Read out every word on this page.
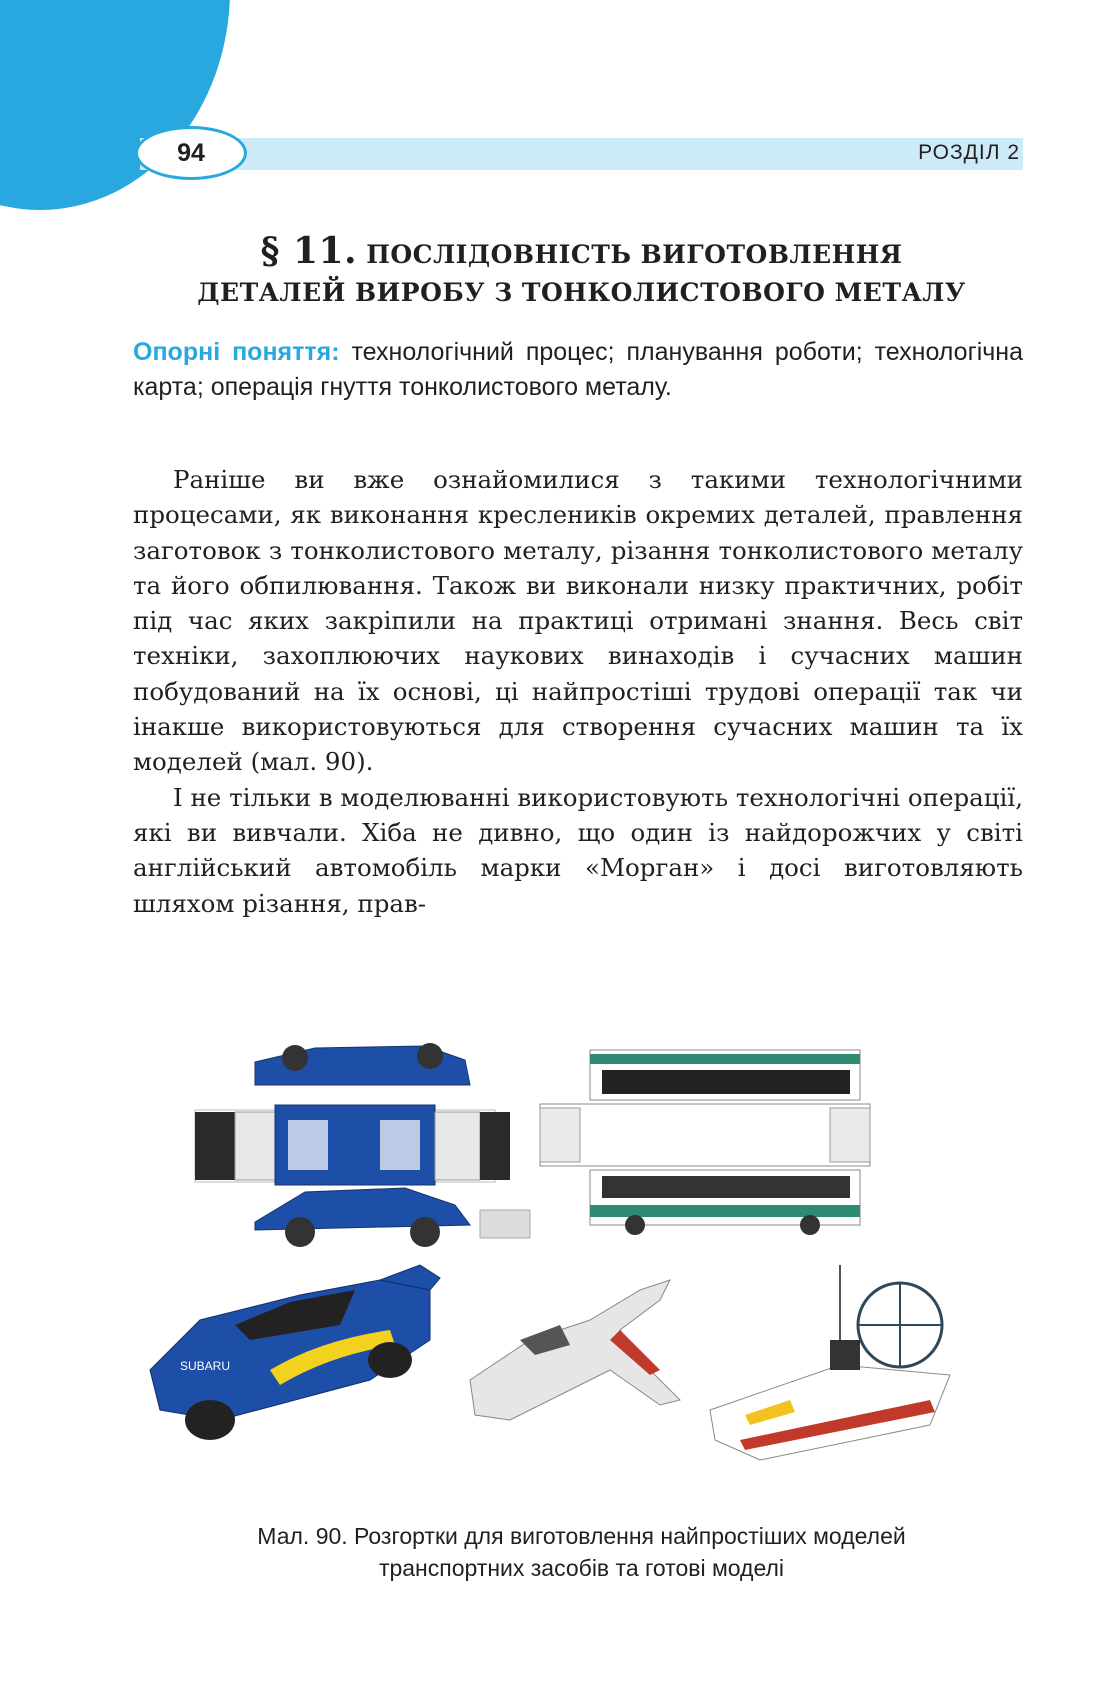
94	РОЗДІЛ 2
§ 11. ПОСЛІДОВНІСТЬ ВИГОТОВЛЕННЯ
ДЕТАЛЕЙ ВИРОБУ З ТОНКОЛИСТОВОГО МЕТАЛУ
Опорні поняття: технологічний процес; планування роботи; технологічна карта; операція гнуття тонколистового металу.

Раніше ви вже ознайомилися з такими технологічними процесами, як виконання креслеників окремих деталей, правлення заготовок з тонколистового металу, різання тонколистового металу та його обпилювання. Також ви виконали низку практичних, робіт під час яких закріпили на практиці отримані знання. Весь світ техніки, захоплюючих наукових винаходів і сучасних машин побудований на їх основі, ці найпростіші трудові операції так чи інакше використовуються для створення сучасних машин та їх моделей (мал. 90).

І не тільки в моделюванні використовують технологічні операції, які ви вивчали. Хіба не дивно, що один із найдорожчих у світі англійський автомобіль марки «Морган» і досі виготовляють шляхом різання, прав-

SUBARU
Мал. 90. Розгортки для виготовлення найпростіших моделей
транспортних засобів та готові моделі
